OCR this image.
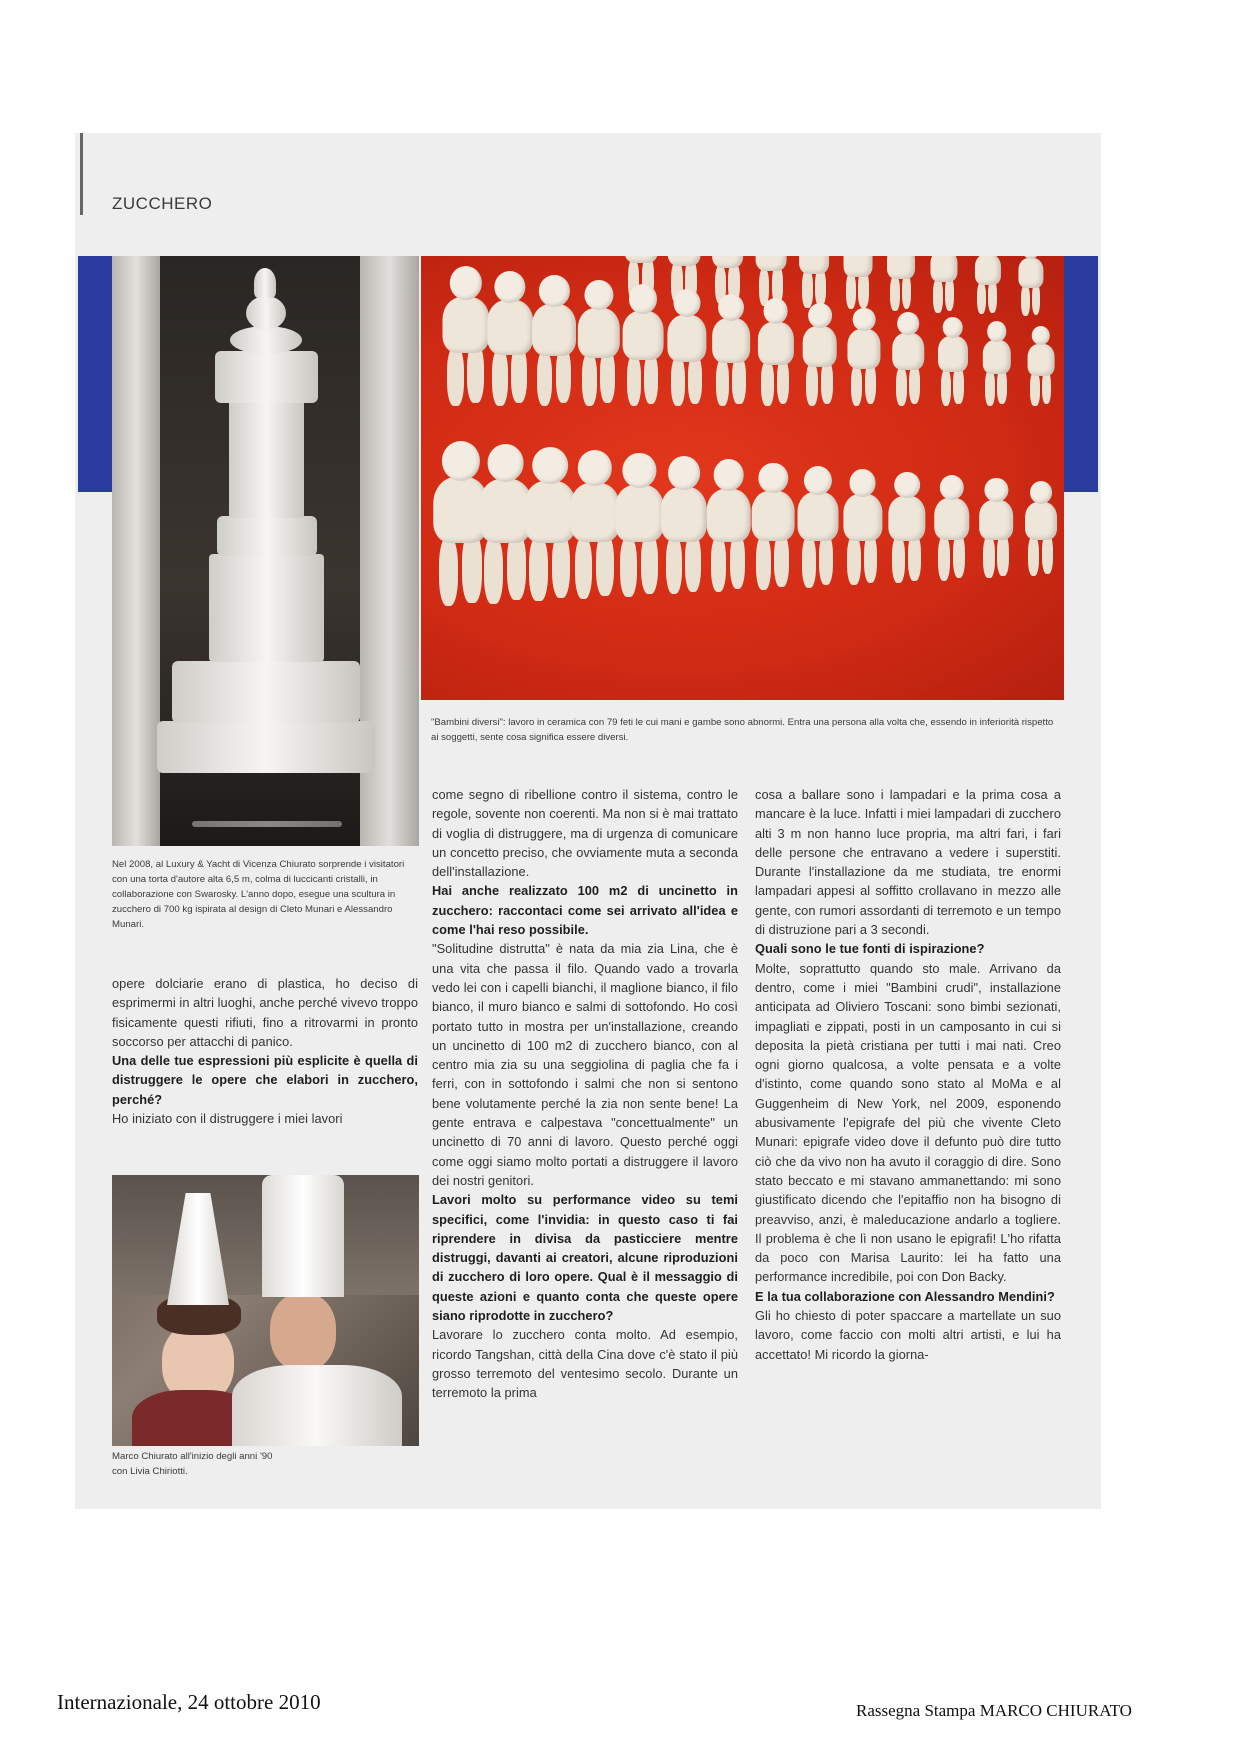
ZUCCHERO
"Bambini diversi": lavoro in ceramica con 79 feti le cui mani e gambe sono abnormi. Entra una persona alla volta che, essendo in inferiorità rispetto ai soggetti, sente cosa significa essere diversi.
Nel 2008, al Luxury & Yacht di Vicenza Chiurato sorprende i visitatori con una torta d'autore alta 6,5 m, colma di luccicanti cristalli, in collaborazione con Swarosky. L'anno dopo, esegue una scultura in zucchero di 700 kg ispirata al design di Cleto Munari e Alessandro Munari.

opere dolciarie erano di plastica, ho deciso di esprimermi in altri luoghi, anche perché vivevo troppo fisicamente questi rifiuti, fino a ritrovarmi in pronto soccorso per attacchi di panico.

Una delle tue espressioni più esplicite è quella di distruggere le opere che elabori in zucchero, perché?

Ho iniziato con il distruggere i miei lavori

Marco Chiurato all'inizio degli anni '90
con Livia Chiriotti.

come segno di ribellione contro il sistema, contro le regole, sovente non coerenti. Ma non si è mai trattato di voglia di distruggere, ma di urgenza di comunicare un concetto preciso, che ovviamente muta a seconda dell'installazione.

Hai anche realizzato 100 m2 di uncinetto in zucchero: raccontaci come sei arrivato all'idea e come l'hai reso possibile.

"Solitudine distrutta" è nata da mia zia Lina, che è una vita che passa il filo. Quando vado a trovarla vedo lei con i capelli bianchi, il maglione bianco, il filo bianco, il muro bianco e salmi di sottofondo. Ho così portato tutto in mostra per un'installazione, creando un uncinetto di 100 m2 di zucchero bianco, con al centro mia zia su una seggiolina di paglia che fa i ferri, con in sottofondo i salmi che non si sentono bene volutamente perché la zia non sente bene! La gente entrava e calpestava "concettualmente" un uncinetto di 70 anni di lavoro. Questo perché oggi come oggi siamo molto portati a distruggere il lavoro dei nostri genitori.

Lavori molto su performance video su temi specifici, come l'invidia: in questo caso ti fai riprendere in divisa da pasticciere mentre distruggi, davanti ai creatori, alcune riproduzioni di zucchero di loro opere. Qual è il messaggio di queste azioni e quanto conta che queste opere siano riprodotte in zucchero?

Lavorare lo zucchero conta molto. Ad esempio, ricordo Tangshan, città della Cina dove c'è stato il più grosso terremoto del ventesimo secolo. Durante un terremoto la prima

cosa a ballare sono i lampadari e la prima cosa a mancare è la luce. Infatti i miei lampadari di zucchero alti 3 m non hanno luce propria, ma altri fari, i fari delle persone che entravano a vedere i superstiti. Durante l'installazione da me studiata, tre enormi lampadari appesi al soffitto crollavano in mezzo alle gente, con rumori assordanti di terremoto e un tempo di distruzione pari a 3 secondi.

Quali sono le tue fonti di ispirazione?

Molte, soprattutto quando sto male. Arrivano da dentro, come i miei "Bambini crudi", installazione anticipata ad Oliviero Toscani: sono bimbi sezionati, impagliati e zippati, posti in un camposanto in cui si deposita la pietà cristiana per tutti i mai nati. Creo ogni giorno qualcosa, a volte pensata e a volte d'istinto, come quando sono stato al MoMa e al Guggenheim di New York, nel 2009, esponendo abusivamente l'epigrafe del più che vivente Cleto Munari: epigrafe video dove il defunto può dire tutto ciò che da vivo non ha avuto il coraggio di dire. Sono stato beccato e mi stavano ammanettando: mi sono giustificato dicendo che l'epitaffio non ha bisogno di preavviso, anzi, è maleducazione andarlo a togliere. Il problema è che lì non usano le epigrafi! L'ho rifatta da poco con Marisa Laurito: lei ha fatto una performance incredibile, poi con Don Backy.

E la tua collaborazione con Alessandro Mendini?

Gli ho chiesto di poter spaccare a martellate un suo lavoro, come faccio con molti altri artisti, e lui ha accettato! Mi ricordo la giorna-

Internazionale, 24 ottobre 2010	Rassegna Stampa MARCO CHIURATO
